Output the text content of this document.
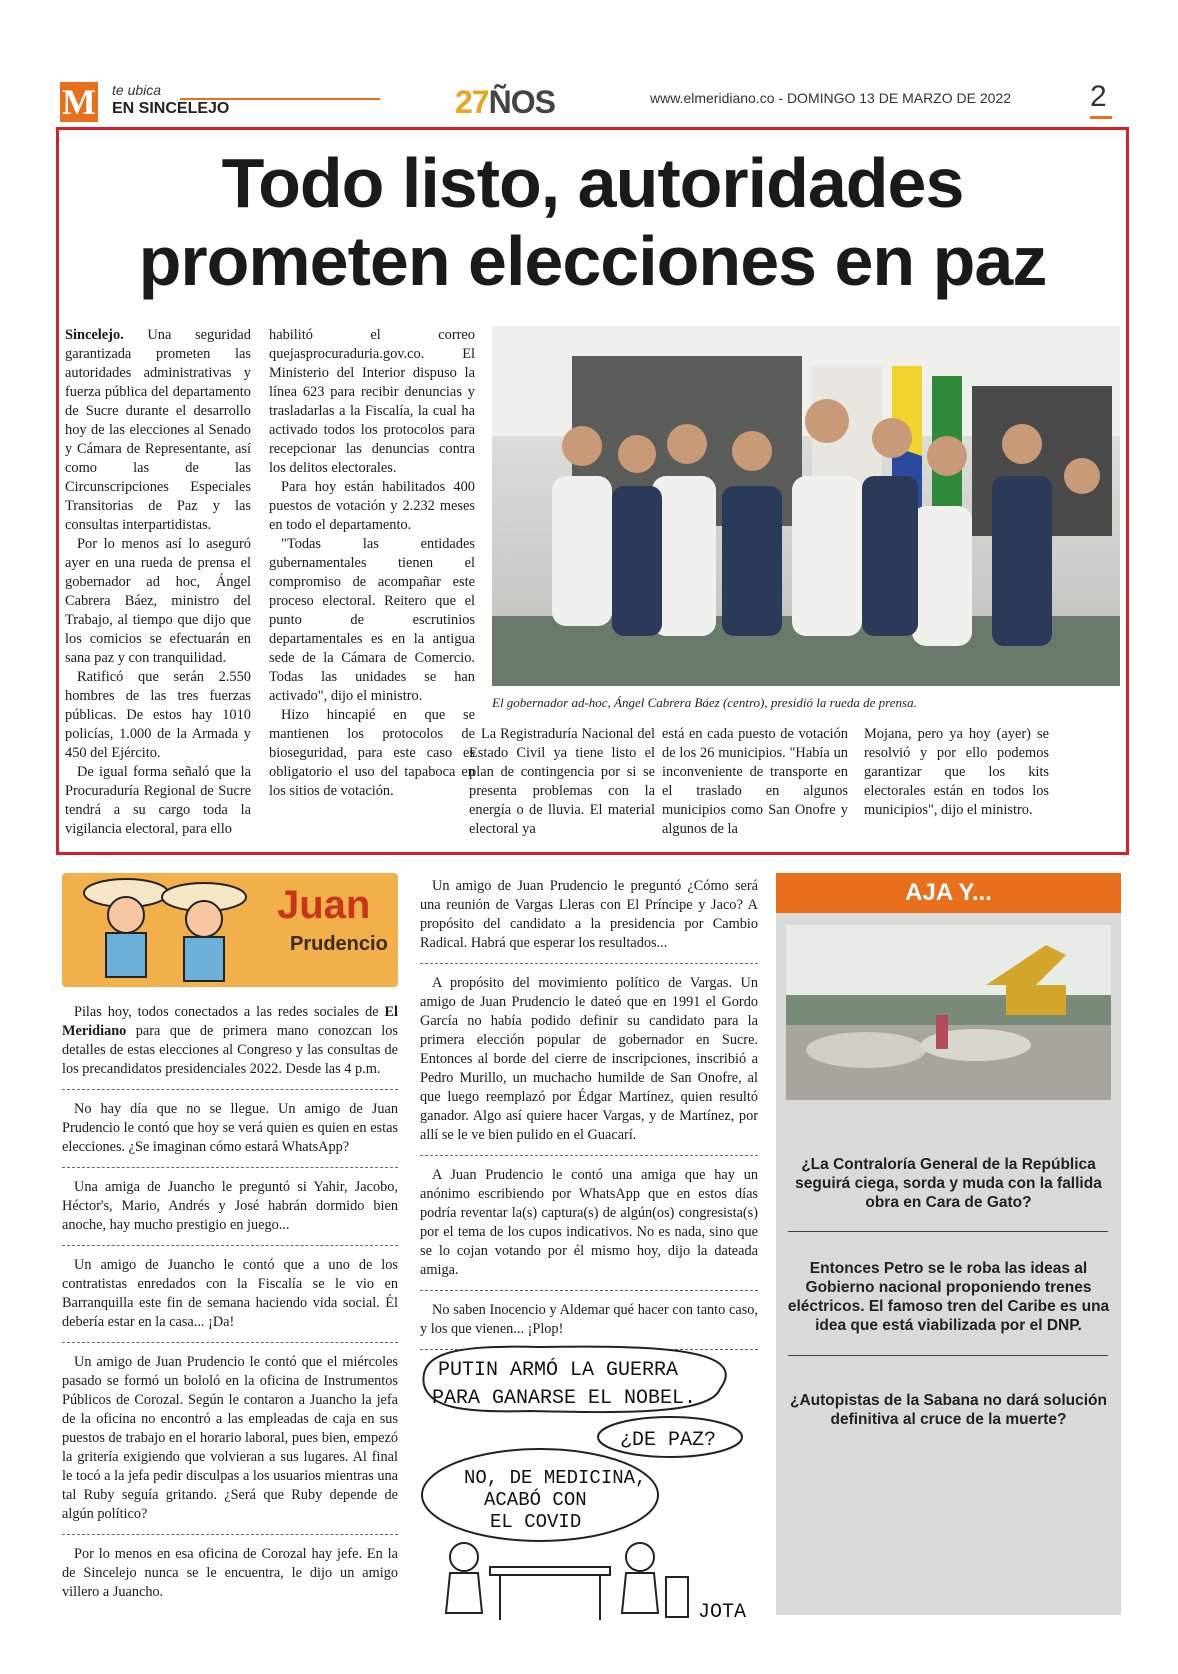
M te ubica
EN SINCELEJO	27ÑOS	www.elmeridiano.co - DOMINGO 13 DE MARZO DE 2022	2
Todo listo, autoridades
prometen elecciones en paz

Sincelejo. Una seguridad garantizada prometen las autoridades administrativas y fuerza pública del departamento de Sucre durante el desarrollo hoy de las elecciones al Senado y Cámara de Representante, así como las de las Circunscripciones Especiales Transitorias de Paz y las consultas interpartidistas.

Por lo menos así lo aseguró ayer en una rueda de prensa el gobernador ad hoc, Ángel Cabrera Báez, ministro del Trabajo, al tiempo que dijo que los comicios se efectuarán en sana paz y con tranquilidad.

Ratificó que serán 2.550 hombres de las tres fuerzas públicas. De estos hay 1010 policías, 1.000 de la Armada y 450 del Ejército.

De igual forma señaló que la Procuraduría Regional de Sucre tendrá a su cargo toda la vigilancia electoral, para ello

habilitó el correo quejasprocuraduria.gov.co. El Ministerio del Interior dispuso la línea 623 para recibir denuncias y trasladarlas a la Fiscalía, la cual ha activado todos los protocolos para recepcionar las denuncias contra los delitos electorales.

Para hoy están habilitados 400 puestos de votación y 2.232 meses en todo el departamento.

"Todas las entidades gubernamentales tienen el compromiso de acompañar este proceso electoral. Reitero que el punto de escrutinios departamentales es en la antigua sede de la Cámara de Comercio. Todas las unidades se han activado", dijo el ministro.

Hizo hincapié en que se mantienen los protocolos de bioseguridad, para este caso es obligatorio el uso del tapaboca en los sitios de votación.

El gobernador ad-hoc, Ángel Cabrera Báez (centro), presidió la rueda de prensa.

La Registraduría Nacional del Estado Civil ya tiene listo el plan de contingencia por si se presenta problemas con la energía o de lluvia. El material electoral ya

está en cada puesto de votación de los 26 municipios. "Había un inconveniente de transporte en el traslado en algunos municipios como San Onofre y algunos de la

Mojana, pero ya hoy (ayer) se resolvió y por ello podemos garantizar que los kits electorales están en todos los municipios", dijo el ministro.

Juan
Prudencio

Pilas hoy, todos conectados a las redes sociales de El Meridiano para que de primera mano conozcan los detalles de estas elecciones al Congreso y las consultas de los precandidatos presidenciales 2022. Desde las 4 p.m.

No hay día que no se llegue. Un amigo de Juan Prudencio le contó que hoy se verá quien es quien en estas elecciones. ¿Se imaginan cómo estará WhatsApp?

Una amiga de Juancho le preguntó si Yahir, Jacobo, Héctor's, Mario, Andrés y José habrán dormido bien anoche, hay mucho prestigio en juego...

Un amigo de Juancho le contó que a uno de los contratistas enredados con la Fiscalía se le vio en Barranquilla este fin de semana haciendo vida social. Él debería estar en la casa... ¡Da!

Un amigo de Juan Prudencio le contó que el miércoles pasado se formó un bololó en la oficina de Instrumentos Públicos de Corozal. Según le contaron a Juancho la jefa de la oficina no encontró a las empleadas de caja en sus puestos de trabajo en el horario laboral, pues bien, empezó la gritería exigiendo que volvieran a sus lugares. Al final le tocó a la jefa pedir disculpas a los usuarios mientras una tal Ruby seguía gritando. ¿Será que Ruby depende de algún político?

Por lo menos en esa oficina de Corozal hay jefe. En la de Sincelejo nunca se le encuentra, le dijo un amigo villero a Juancho.

Un amigo de Juan Prudencio le preguntó ¿Cómo será una reunión de Vargas Lleras con El Príncipe y Jaco? A propósito del candidato a la presidencia por Cambio Radical. Habrá que esperar los resultados...

A propósito del movimiento político de Vargas. Un amigo de Juan Prudencio le dateó que en 1991 el Gordo García no había podido definir su candidato para la primera elección popular de gobernador en Sucre. Entonces al borde del cierre de inscripciones, inscribió a Pedro Murillo, un muchacho humilde de San Onofre, al que luego reemplazó por Édgar Martínez, quien resultó ganador. Algo así quiere hacer Vargas, y de Martínez, por allí se le ve bien pulido en el Guacarí.

A Juan Prudencio le contó una amiga que hay un anónimo escribiendo por WhatsApp que en estos días podría reventar la(s) captura(s) de algún(os) congresista(s) por el tema de los cupos indicativos. No es nada, sino que se lo cojan votando por él mismo hoy, dijo la dateada amiga.

No saben Inocencio y Aldemar qué hacer con tanto caso, y los que vienen... ¡Plop!

PUTIN ARMÓ LA GUERRA
PARA GANARSE EL NOBEL.
¿DE PAZ?
NO, DE MEDICINA,
ACABÓ CON
EL COVID
JOTA
AJA Y...
¿La Contraloría General de la República seguirá ciega, sorda y muda con la fallida obra en Cara de Gato?
Entonces Petro se le roba las ideas al Gobierno nacional proponiendo trenes eléctricos. El famoso tren del Caribe es una idea que está viabilizada por el DNP.
¿Autopistas de la Sabana no dará solución definitiva al cruce de la muerte?
